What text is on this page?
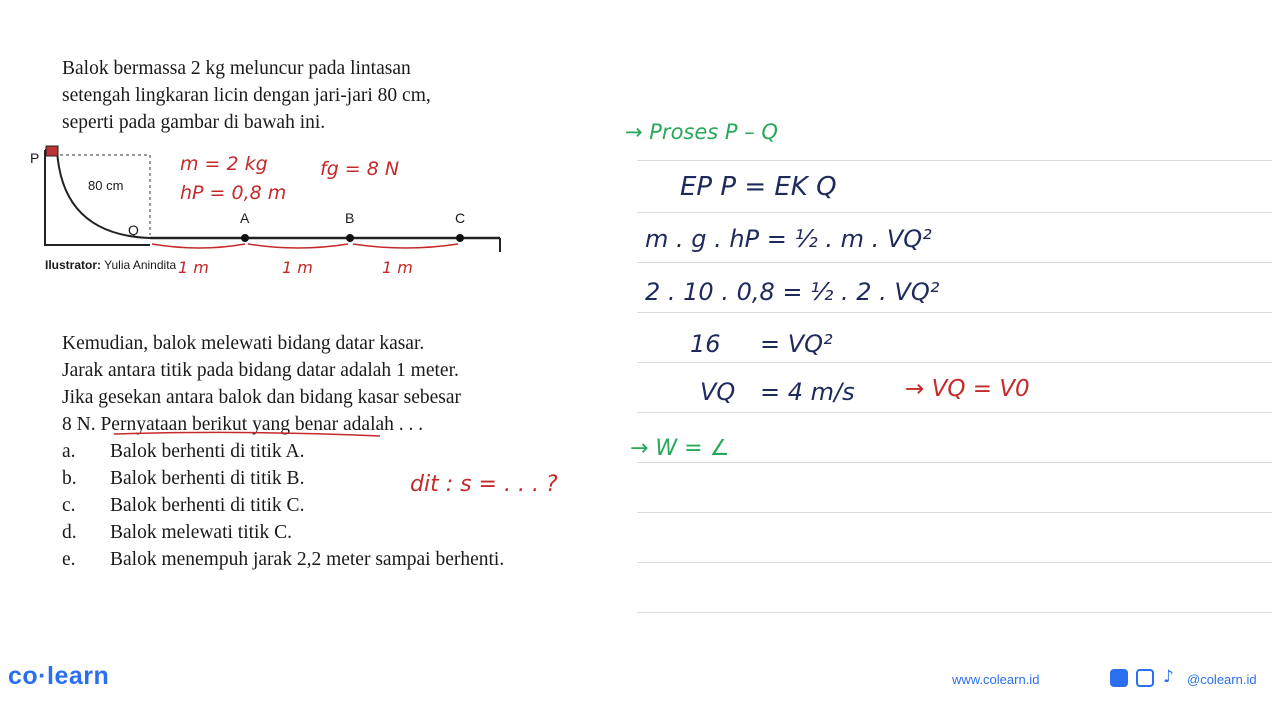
Balok bermassa 2 kg meluncur pada lintasan

setengah lingkaran licin dengan jari-jari 80 cm,

seperti pada gambar di bawah ini.

P
Q
A	B	C
80 cm
Ilustrator: Yulia Anindita
m = 2 kg
hP = 0,8 m
fg = 8 N
1 m	1 m	1 m

Kemudian, balok melewati bidang datar kasar.

Jarak antara titik pada bidang datar adalah 1 meter.

Jika gesekan antara balok dan bidang kasar sebesar

8 N. Pernyataan berikut yang benar adalah . . .

a.	Balok berhenti di titik A.
b.	Balok berhenti di titik B.
c.	Balok berhenti di titik C.
d.	Balok melewati titik C.
e.	Balok menempuh jarak 2,2 meter sampai berhenti.
dit : s = . . . ?
→ Proses P – Q
EP P = EK Q
m . g . hP = ½ . m . VQ²
2 . 10 . 0,8 = ½ . 2 . VQ²
16 = VQ²
VQ = 4 m/s → VQ = V0
→ W = ∠
co·learn	www.colearn.id	♪ @colearn.id
